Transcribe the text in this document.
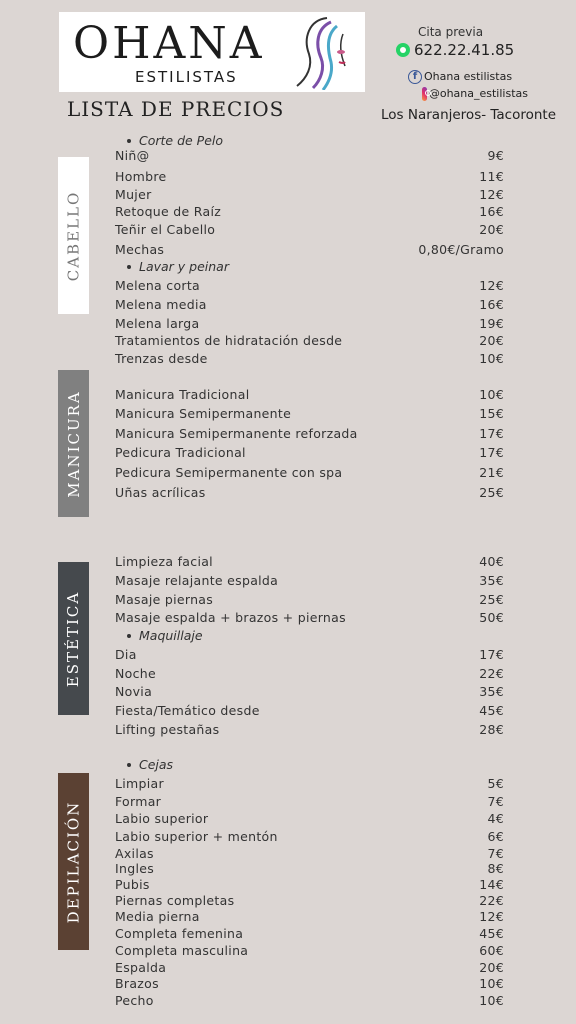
OHANA
ESTILISTAS
Cita previa
622.22.41.85
f Ohana estilistas
@ohana_estilistas
LISTA DE PRECIOS	Los Naranjeros- Tacoronte
CABELLO
MANICURA
ESTÉTICA
DEPILACIÓN
Corte de Pelo
Lavar y peinar
Maquillaje
Cejas
Niñ@	9€
Hombre	11€
Mujer	12€
Retoque de Raíz	16€
Teñir el Cabello	20€
Mechas	0,80€/Gramo
Melena corta	12€
Melena media	16€
Melena larga	19€
Tratamientos de hidratación desde	20€
Trenzas desde	10€
Manicura Tradicional	10€
Manicura Semipermanente	15€
Manicura Semipermanente reforzada	17€
Pedicura Tradicional	17€
Pedicura Semipermanente con spa	21€
Uñas acrílicas	25€
Limpieza facial	40€
Masaje relajante espalda	35€
Masaje piernas	25€
Masaje espalda + brazos + piernas	50€
Dia	17€
Noche	22€
Novia	35€
Fiesta/Temático desde	45€
Lifting pestañas	28€
Limpiar	5€
Formar	7€
Labio superior	4€
Labio superior + mentón	6€
Axilas	7€
Ingles	8€
Pubis	14€
Piernas completas	22€
Media pierna	12€
Completa femenina	45€
Completa masculina	60€
Espalda	20€
Brazos	10€
Pecho	10€
